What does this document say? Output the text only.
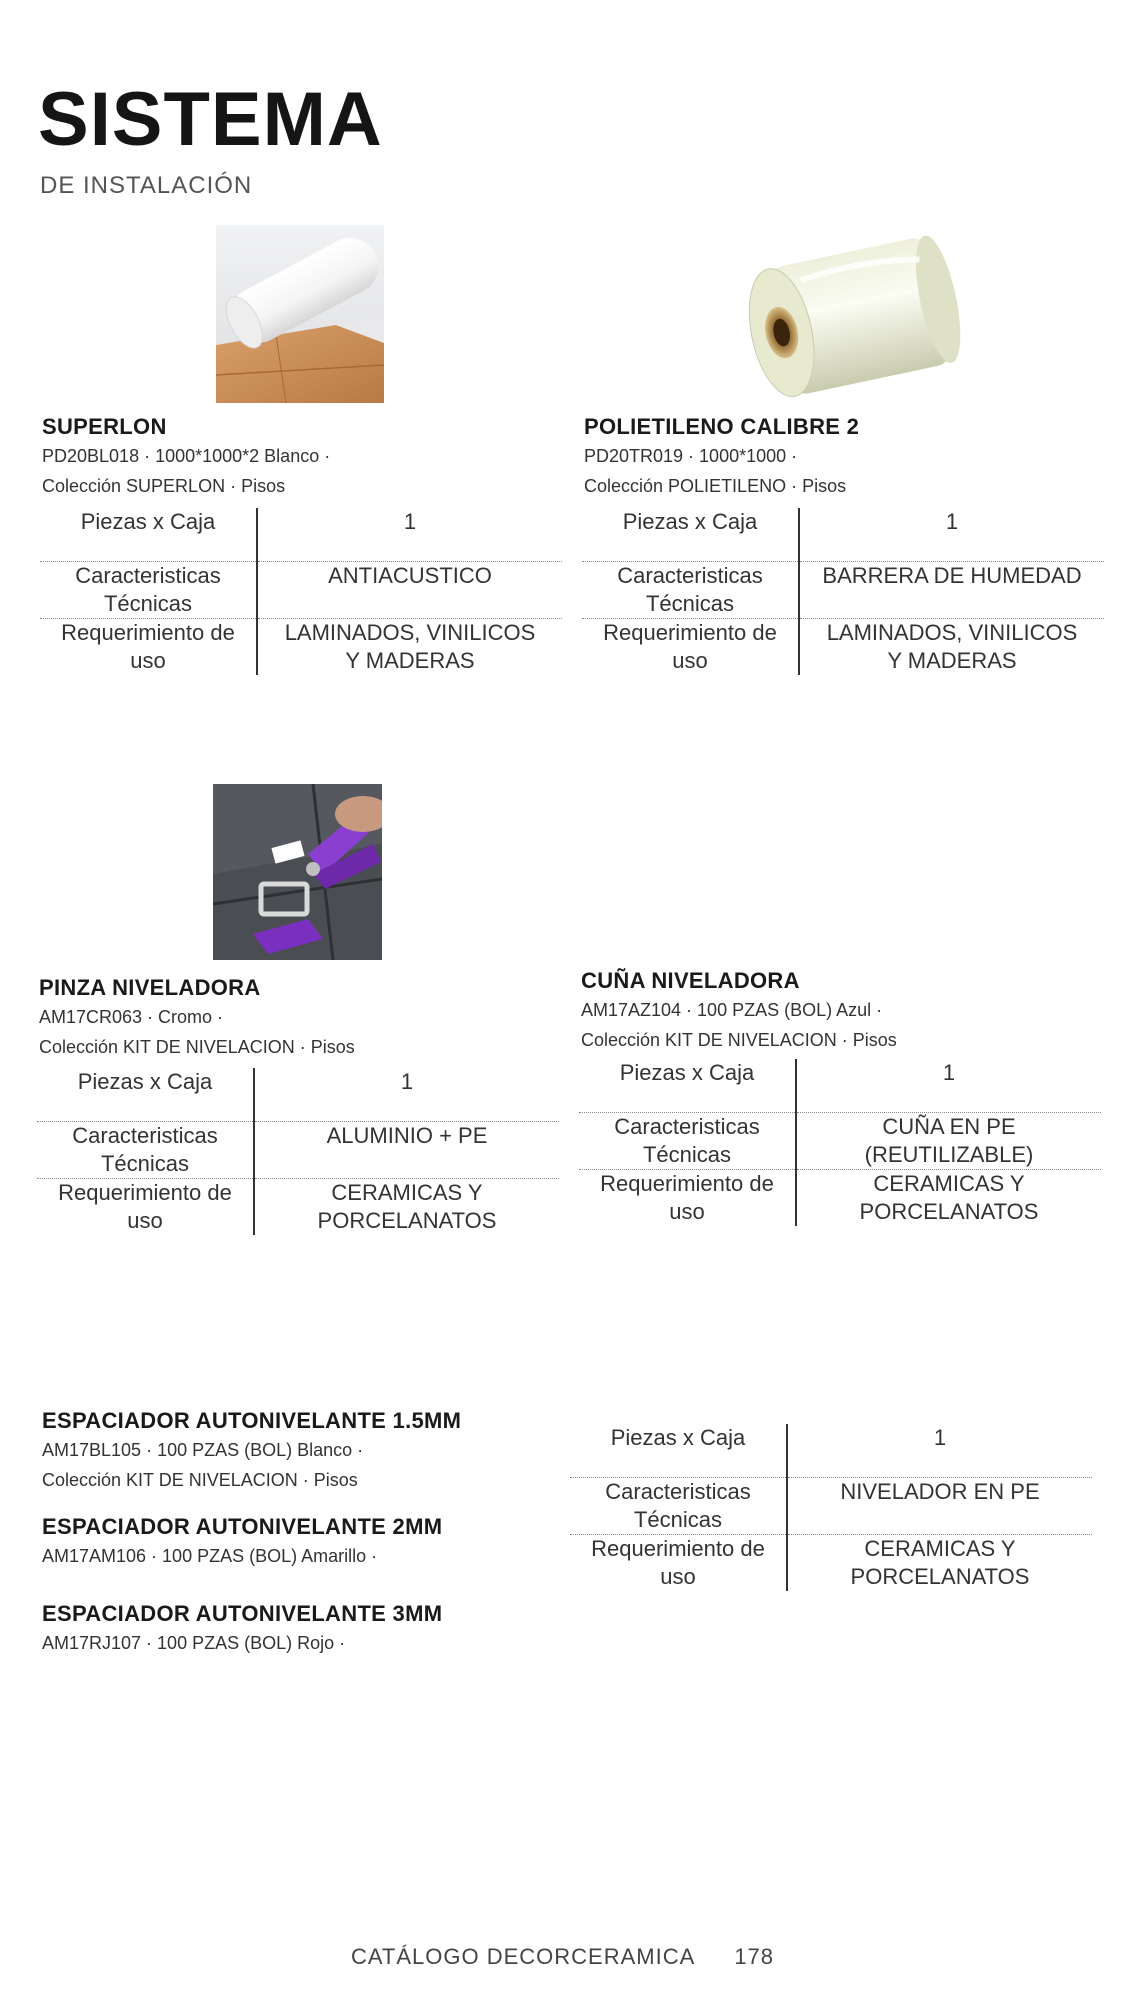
SISTEMA
DE INSTALACIÓN
SUPERLON
PD20BL018 · 1000*1000*2 Blanco ·
Colección SUPERLON · Pisos
Piezas x Caja	1
Caracteristicas
Técnicas	ANTIACUSTICO
Requerimiento de
uso	LAMINADOS, VINILICOS
Y MADERAS
POLIETILENO CALIBRE 2
PD20TR019 · 1000*1000 ·
Colección POLIETILENO · Pisos
Piezas x Caja	1
Caracteristicas
Técnicas	BARRERA DE HUMEDAD
Requerimiento de
uso	LAMINADOS, VINILICOS
Y MADERAS
PINZA NIVELADORA
AM17CR063 · Cromo ·
Colección KIT DE NIVELACION · Pisos
Piezas x Caja	1
Caracteristicas
Técnicas	ALUMINIO + PE
Requerimiento de
uso	CERAMICAS Y
PORCELANATOS
CUÑA NIVELADORA
AM17AZ104 · 100 PZAS (BOL) Azul ·
Colección KIT DE NIVELACION · Pisos
Piezas x Caja	1
Caracteristicas
Técnicas	CUÑA EN PE
(REUTILIZABLE)
Requerimiento de
uso	CERAMICAS Y
PORCELANATOS
ESPACIADOR AUTONIVELANTE 1.5MM
AM17BL105 · 100 PZAS (BOL) Blanco ·
Colección KIT DE NIVELACION · Pisos
ESPACIADOR AUTONIVELANTE 2MM
AM17AM106 · 100 PZAS (BOL) Amarillo ·
ESPACIADOR AUTONIVELANTE 3MM
AM17RJ107 · 100 PZAS (BOL) Rojo ·
Piezas x Caja	1
Caracteristicas
Técnicas	NIVELADOR EN PE
Requerimiento de
uso	CERAMICAS Y
PORCELANATOS
CATÁLOGO DECORCERAMICA 178
